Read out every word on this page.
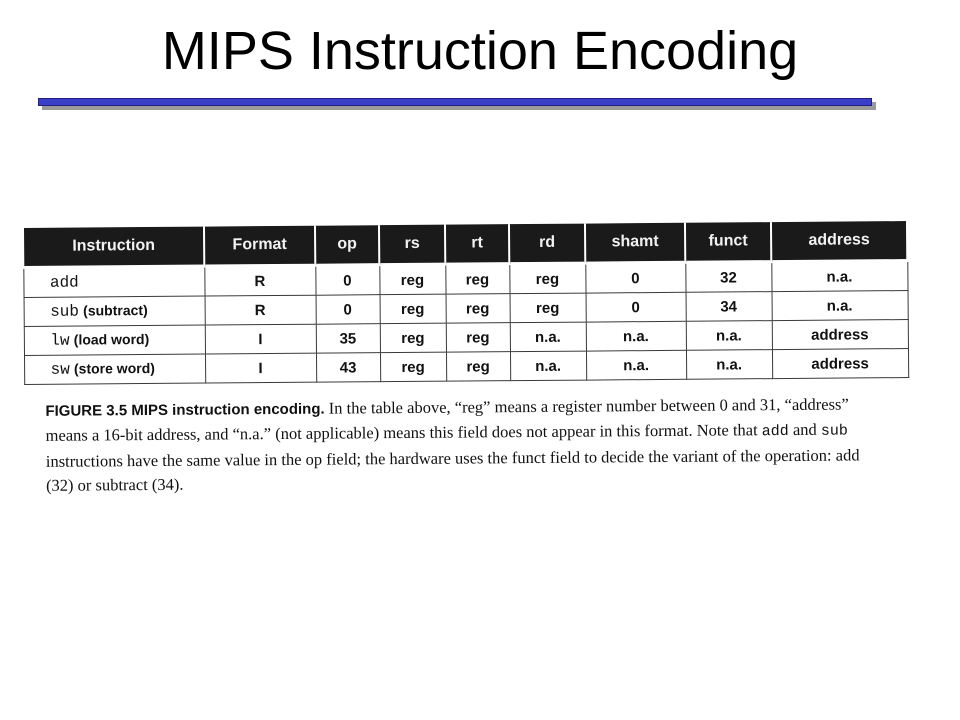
MIPS Instruction Encoding
Instruction	Format	op	rs	rt	rd	shamt	funct	address
add	R	0	reg	reg	reg	0	32	n.a.
sub (subtract)	R	0	reg	reg	reg	0	34	n.a.
lw (load word)	I	35	reg	reg	n.a.	n.a.	n.a.	address
sw (store word)	I	43	reg	reg	n.a.	n.a.	n.a.	address

FIGURE 3.5 MIPS instruction encoding. In the table above, “reg” means a register number between 0 and 31, “address” means a 16-bit address, and “n.a.” (not applicable) means this field does not appear in this format. Note that add and sub instructions have the same value in the op field; the hardware uses the funct field to decide the variant of the operation: add (32) or subtract (34).
